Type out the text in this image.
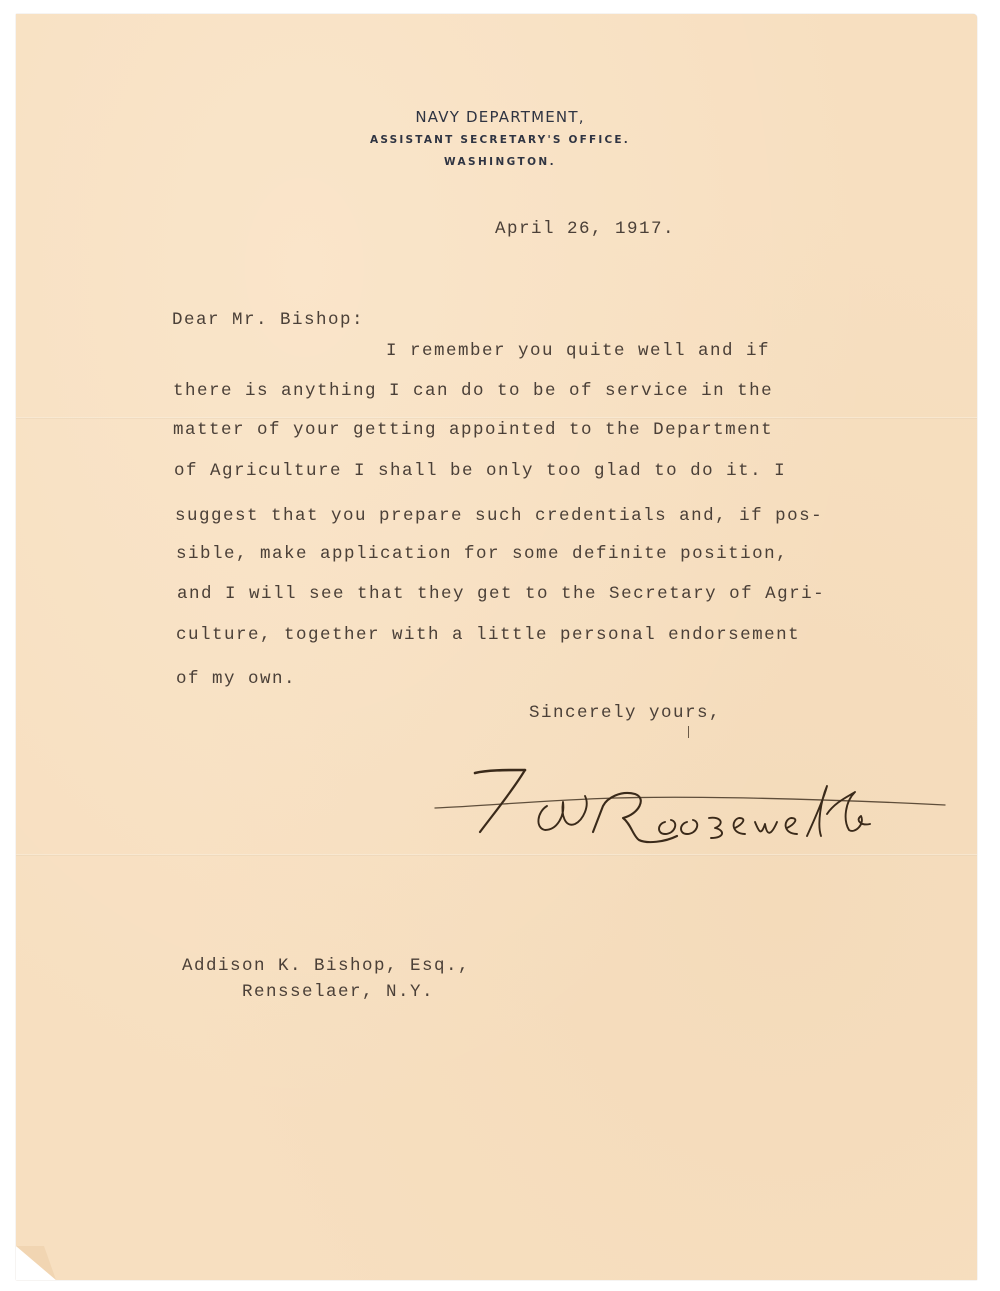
NAVY DEPARTMENT,
ASSISTANT SECRETARY'S OFFICE.
WASHINGTON.
April 26, 1917.
Dear Mr. Bishop:
I remember you quite well and if
there is anything I can do to be of service in the
matter of your getting appointed to the Department
of Agriculture I shall be only too glad to do it. I
suggest that you prepare such credentials and, if pos-
sible, make application for some definite position,
and I will see that they get to the Secretary of Agri-
culture, together with a little personal endorsement
of my own.
Sincerely yours,
Addison K. Bishop, Esq.,
Rensselaer, N.Y.
